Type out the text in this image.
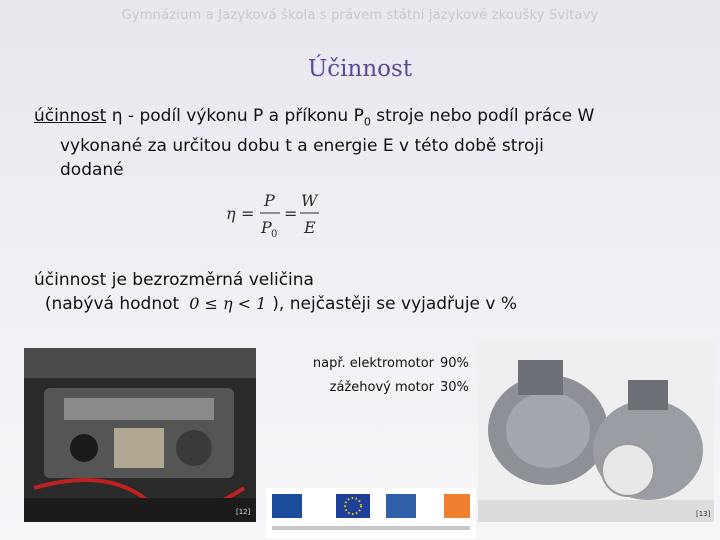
Gymnázium a Jazyková škola s právem státní jazykové zkoušky Svitavy
Účinnost
účinnost η - podíl výkonu P a příkonu $P_0$ stroje nebo podíl práce W
vykonané za určitou dobu t a energie E v této době stroji
dodané
η =
P
P 0
=
W
E
účinnost je bezrozměrná veličina
(nabývá hodnot 0 ≤ η < 1 ), nejčastěji se vyjadřuje v %
např. elektromotor 90%
zážehový motor 30%
[12]	[13]
